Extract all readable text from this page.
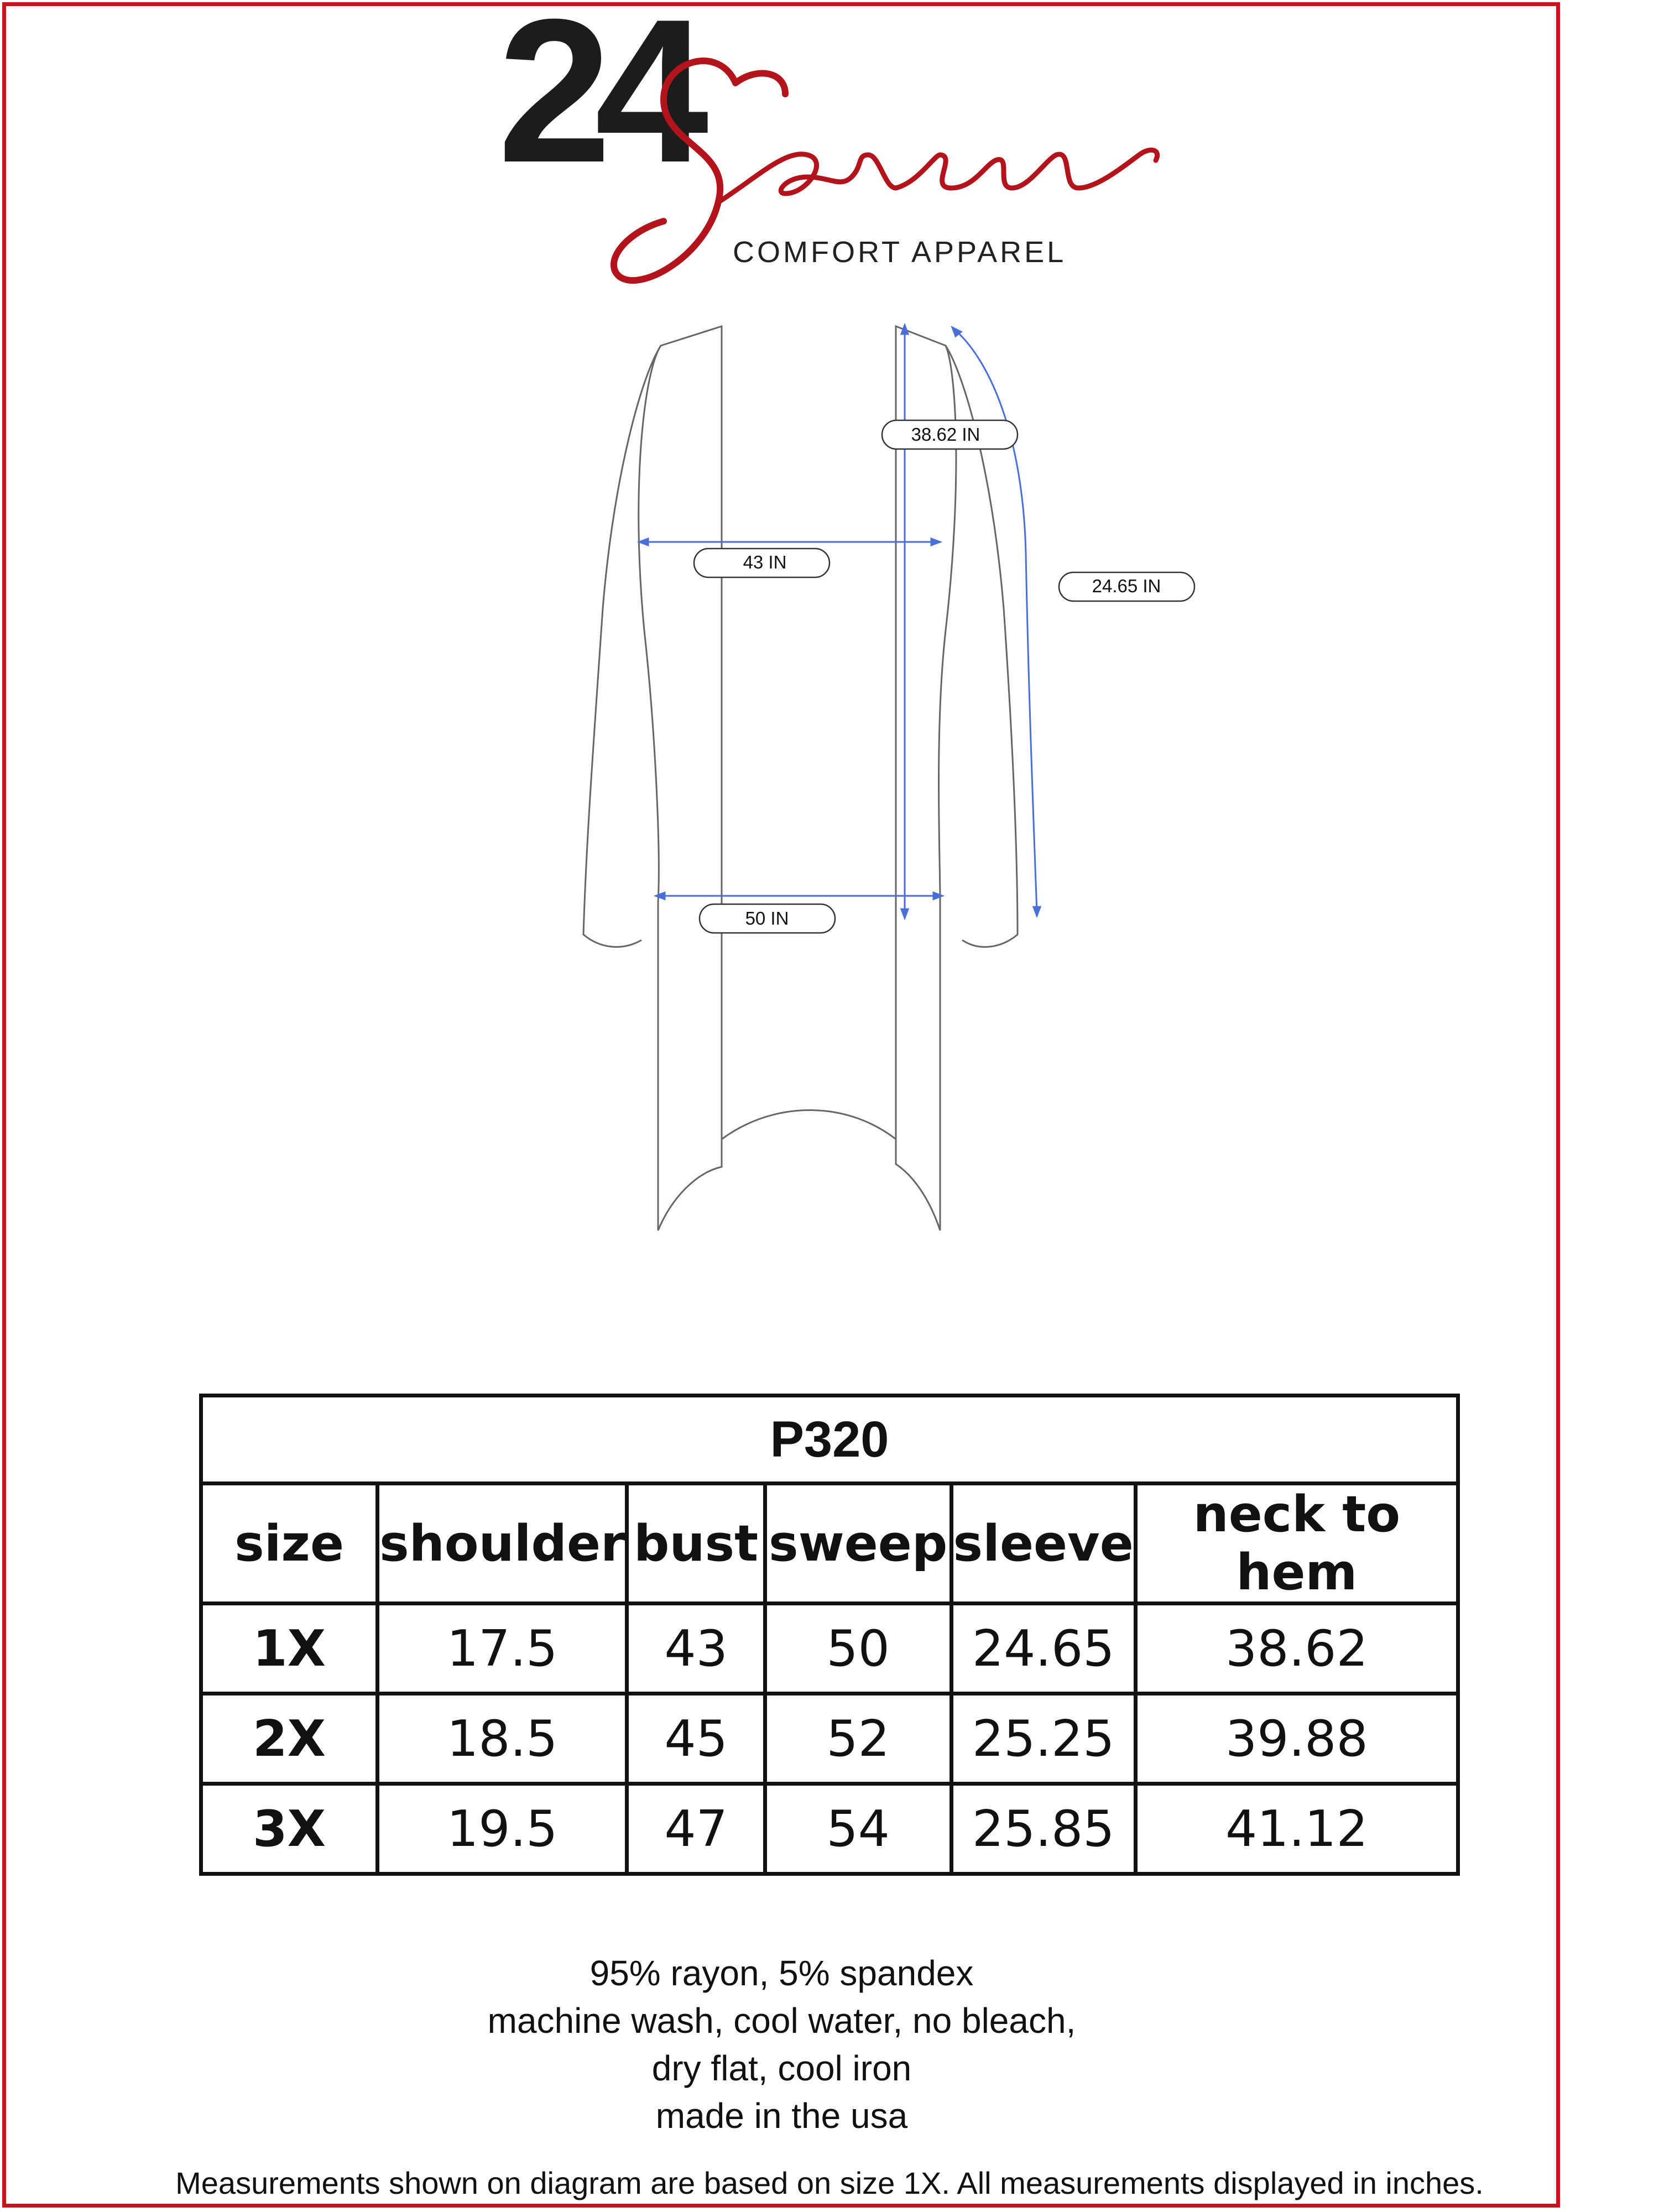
24
COMFORT APPAREL
38.62 IN
43 IN
24.65 IN
50 IN
P320					
size	shoulder	bust	sweep	sleeve	neck to hem
1X	17.5	43	50	24.65	38.62
2X	18.5	45	52	25.25	39.88
3X	19.5	47	54	25.85	41.12
95% rayon, 5% spandex
machine wash, cool water, no bleach,
dry flat, cool iron
made in the usa
Measurements shown on diagram are based on size 1X. All measurements displayed in inches.
